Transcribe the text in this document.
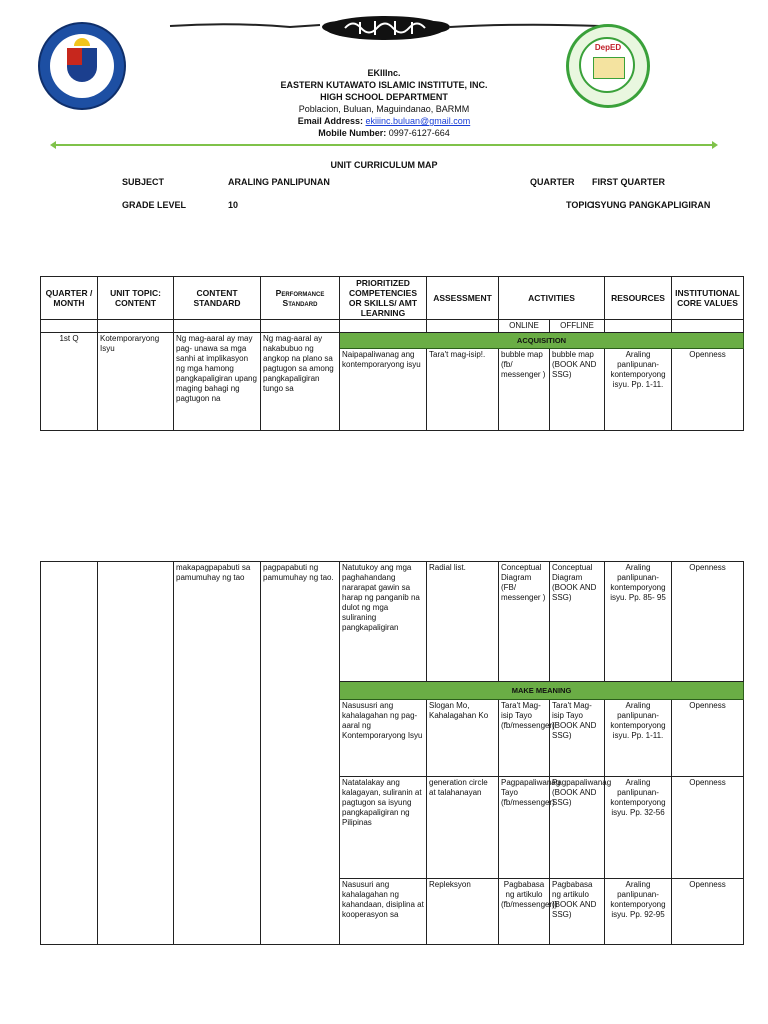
DepED
EKIIInc.
EASTERN KUTAWATO ISLAMIC INSTITUTE, INC.
HIGH SCHOOL DEPARTMENT
Poblacion, Buluan, Maguindanao, BARMM
Email Address: ekiiinc.buluan@gmail.com
Mobile Number: 0997-6127-664
UNIT CURRICULUM MAP
SUBJECT	ARALING PANLIPUNAN	QUARTER FIRST QUARTER
GRADE LEVEL	10	TOPIC
ISYUNG PANGKAPLIGIRAN
QUARTER / MONTH	UNIT TOPIC: CONTENT	CONTENT STANDARD	Performance Standard	PRIORITIZED COMPETENCIES OR SKILLS/ AMT LEARNING	ASSESSMENT	ACTIVITIES		RESOURCES	INSTITUTIONAL CORE VALUES
						ONLINE	OFFLINE		
1st Q	Kotemporaryong Isyu	Ng mag-aaral ay may pag- unawa sa mga sanhi at implikasyon ng mga hamong pangkapaligiran upang maging bahagi ng pagtugon na	Ng mag-aaral ay nakabubuo ng angkop na plano sa pagtugon sa among pangkapaligiran tungo sa	ACQUISITION					
				Naipapaliwanag ang kontemporaryong isyu	Tara't mag-isip!.	bubble map (fb/ messenger )	bubble map (BOOK AND SSG)	Araling panlipunan-kontemporyong isyu. Pp. 1-11.	Openness
		makapagpapabuti sa pamumuhay ng tao	pagpapabuti ng pamumuhay ng tao.	Natutukoy ang mga paghahandang nararapat gawin sa harap ng panganib na dulot ng mga suliraning pangkapaligiran	Radial list.	Conceptual Diagram (FB/ messenger )	Conceptual Diagram (BOOK AND SSG)	Araling panlipunan-kontemporyong isyu. Pp. 85- 95	Openness
				MAKE MEANING					
				Nasususri ang kahalagahan ng pag-aaral ng Kontemporaryong Isyu	Slogan Mo, Kahalagahan Ko	Tara't Mag-isip Tayo (fb/messenger)	Tara't Mag-isip Tayo (BOOK AND SSG)	Araling panlipunan-kontemporyong isyu. Pp. 1-11.	Openness
				Natatalakay ang kalagayan, suliranin at pagtugon sa isyung pangkapaligiran ng Pilipinas	generation circle at talahanayan	Pagpapaliwanag Tayo (fb/messenger)	Pagpapaliwanag (BOOK AND SSG)	Araling panlipunan-kontemporyong isyu. Pp. 32-56	Openness
				Nasusuri ang kahalagahan ng kahandaan, disiplina at kooperasyon sa	Repleksyon	Pagbabasa ng artikulo (fb/messenger))	Pagbabasa ng artikulo (BOOK AND SSG)	Araling panlipunan-kontemporyong isyu. Pp. 92-95	Openness
